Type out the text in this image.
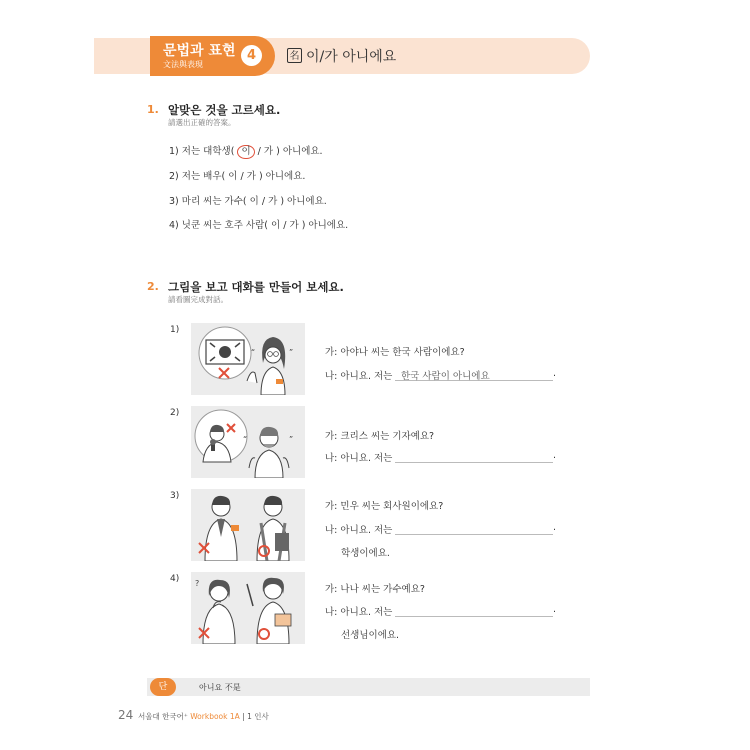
문법과 표현
文法與表現
4	名 이/가 아니에요
1. 알맞은 것을 고르세요.
請選出正確的答案。
1) 저는 대학생( 이 / 가 ) 아니에요.
2) 저는 배우( 이 / 가 ) 아니에요.
3) 마리 씨는 가수( 이 / 가 ) 아니에요.
4) 닛쿤 씨는 호주 사람( 이 / 가 ) 아니에요.
2. 그림을 보고 대화를 만들어 보세요.
請看圖完成對話。
1)
“	”	가: 아야나 씨는 한국 사람이에요?
나: 아니요. 저는 한국 사람이 아니에요	.
2)
“	”	가: 크리스 씨는 기자예요?
나: 아니요. 저는	.
3)
가: 민우 씨는 회사원이에요?
나: 아니요. 저는	.
학생이에요.
4) ?
가: 나나 씨는 가수예요?
나: 아니요. 저는	.
선생님이에요.
단	아니요 不是
24 서울대 한국어⁺ Workbook 1A | 1 인사
